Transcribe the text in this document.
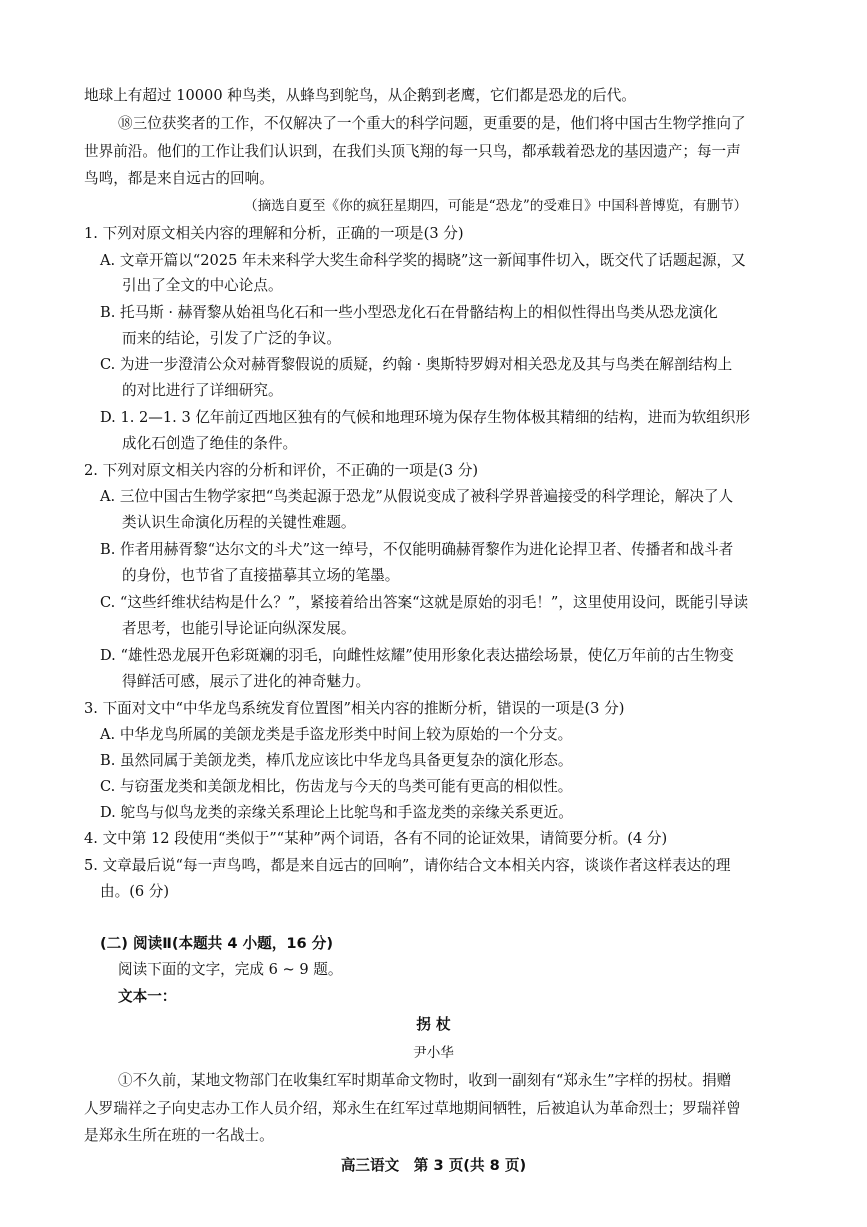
地球上有超过 10000 种鸟类，从蜂鸟到鸵鸟，从企鹅到老鹰，它们都是恐龙的后代。
⑱三位获奖者的工作，不仅解决了一个重大的科学问题，更重要的是，他们将中国古生物学推向了
世界前沿。他们的工作让我们认识到，在我们头顶飞翔的每一只鸟，都承载着恐龙的基因遗产；每一声
鸟鸣，都是来自远古的回响。
（摘选自夏至《你的疯狂星期四，可能是“恐龙”的受难日》中国科普博览，有删节）
1. 下列对原文相关内容的理解和分析，正确的一项是(3 分)
A. 文章开篇以“2025 年未来科学大奖生命科学奖的揭晓”这一新闻事件切入，既交代了话题起源，又
引出了全文的中心论点。
B. 托马斯 · 赫胥黎从始祖鸟化石和一些小型恐龙化石在骨骼结构上的相似性得出鸟类从恐龙演化
而来的结论，引发了广泛的争议。
C. 为进一步澄清公众对赫胥黎假说的质疑，约翰 · 奥斯特罗姆对相关恐龙及其与鸟类在解剖结构上
的对比进行了详细研究。
D. 1. 2—1. 3 亿年前辽西地区独有的气候和地理环境为保存生物体极其精细的结构，进而为软组织形
成化石创造了绝佳的条件。
2. 下列对原文相关内容的分析和评价，不正确的一项是(3 分)
A. 三位中国古生物学家把“鸟类起源于恐龙”从假说变成了被科学界普遍接受的科学理论，解决了人
类认识生命演化历程的关键性难题。
B. 作者用赫胥黎“达尔文的斗犬”这一绰号，不仅能明确赫胥黎作为进化论捍卫者、传播者和战斗者
的身份，也节省了直接描摹其立场的笔墨。
C. “这些纤维状结构是什么？”，紧接着给出答案“这就是原始的羽毛！”，这里使用设问，既能引导读
者思考，也能引导论证向纵深发展。
D. “雄性恐龙展开色彩斑斓的羽毛，向雌性炫耀”使用形象化表达描绘场景，使亿万年前的古生物变
得鲜活可感，展示了进化的神奇魅力。
3. 下面对文中“中华龙鸟系统发育位置图”相关内容的推断分析，错误的一项是(3 分)
A. 中华龙鸟所属的美颌龙类是手盗龙形类中时间上较为原始的一个分支。
B. 虽然同属于美颌龙类，棒爪龙应该比中华龙鸟具备更复杂的演化形态。
C. 与窃蛋龙类和美颌龙相比，伤齿龙与今天的鸟类可能有更高的相似性。
D. 鸵鸟与似鸟龙类的亲缘关系理论上比鸵鸟和手盗龙类的亲缘关系更近。
4. 文中第 12 段使用“类似于”“某种”两个词语，各有不同的论证效果，请简要分析。(4 分)
5. 文章最后说“每一声鸟鸣，都是来自远古的回响”，请你结合文本相关内容，谈谈作者这样表达的理
由。(6 分)
(二) 阅读Ⅱ(本题共 4 小题，16 分)
阅读下面的文字，完成 6 ~ 9 题。
文本一：
拐 杖
尹小华
①不久前，某地文物部门在收集红军时期革命文物时，收到一副刻有“郑永生”字样的拐杖。捐赠
人罗瑞祥之子向史志办工作人员介绍，郑永生在红军过草地期间牺牲，后被追认为革命烈士；罗瑞祥曾
是郑永生所在班的一名战士。
高三语文　第 3 页(共 8 页)
